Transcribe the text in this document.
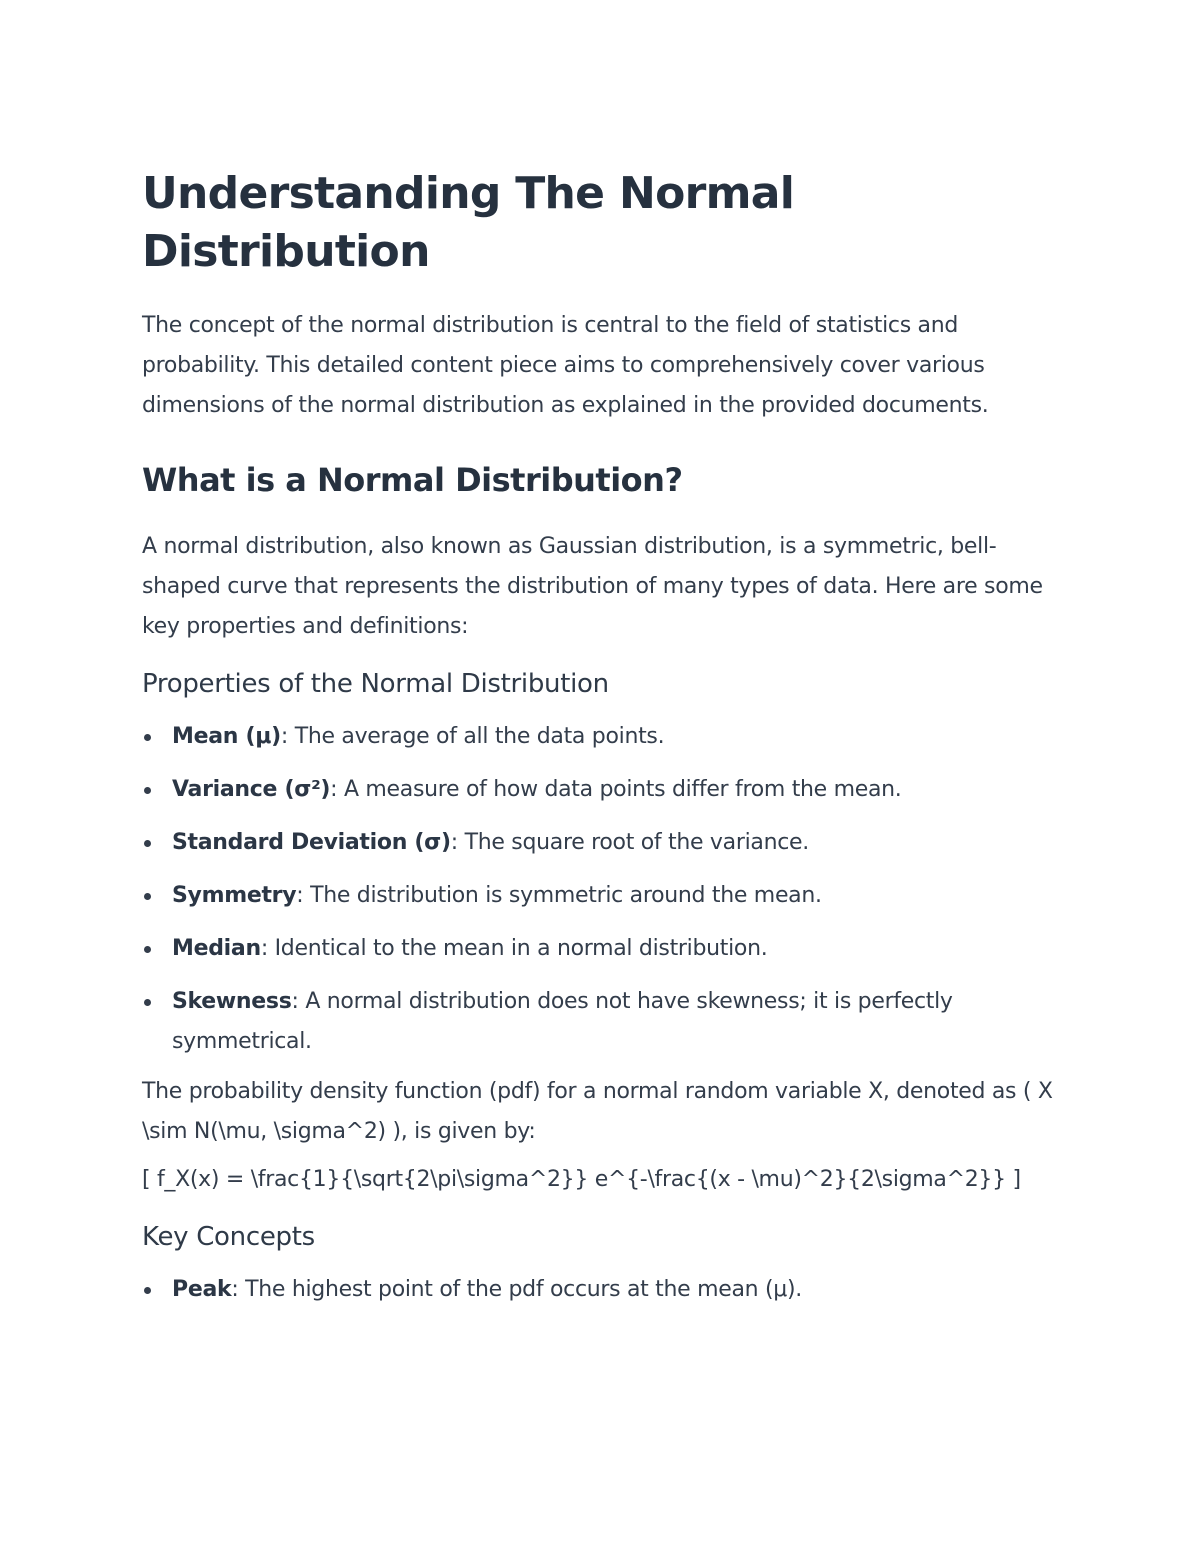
Understanding The Normal Distribution

The concept of the normal distribution is central to the field of statistics and probability. This detailed content piece aims to comprehensively cover various dimensions of the normal distribution as explained in the provided documents.

What is a Normal Distribution?

A normal distribution, also known as Gaussian distribution, is a symmetric, bell-shaped curve that represents the distribution of many types of data. Here are some key properties and definitions:

Properties of the Normal Distribution
Mean (μ): The average of all the data points.
Variance (σ²): A measure of how data points differ from the mean.
Standard Deviation (σ): The square root of the variance.
Symmetry: The distribution is symmetric around the mean.
Median: Identical to the mean in a normal distribution.
Skewness: A normal distribution does not have skewness; it is perfectly symmetrical.

The probability density function (pdf) for a normal random variable X, denoted as ( X \sim N(\mu, \sigma^2) ), is given by:

[ f_X(x) = \frac{1}{\sqrt{2\pi\sigma^2}} e^{-\frac{(x - \mu)^2}{2\sigma^2}} ]

Key Concepts
Peak: The highest point of the pdf occurs at the mean (μ).
